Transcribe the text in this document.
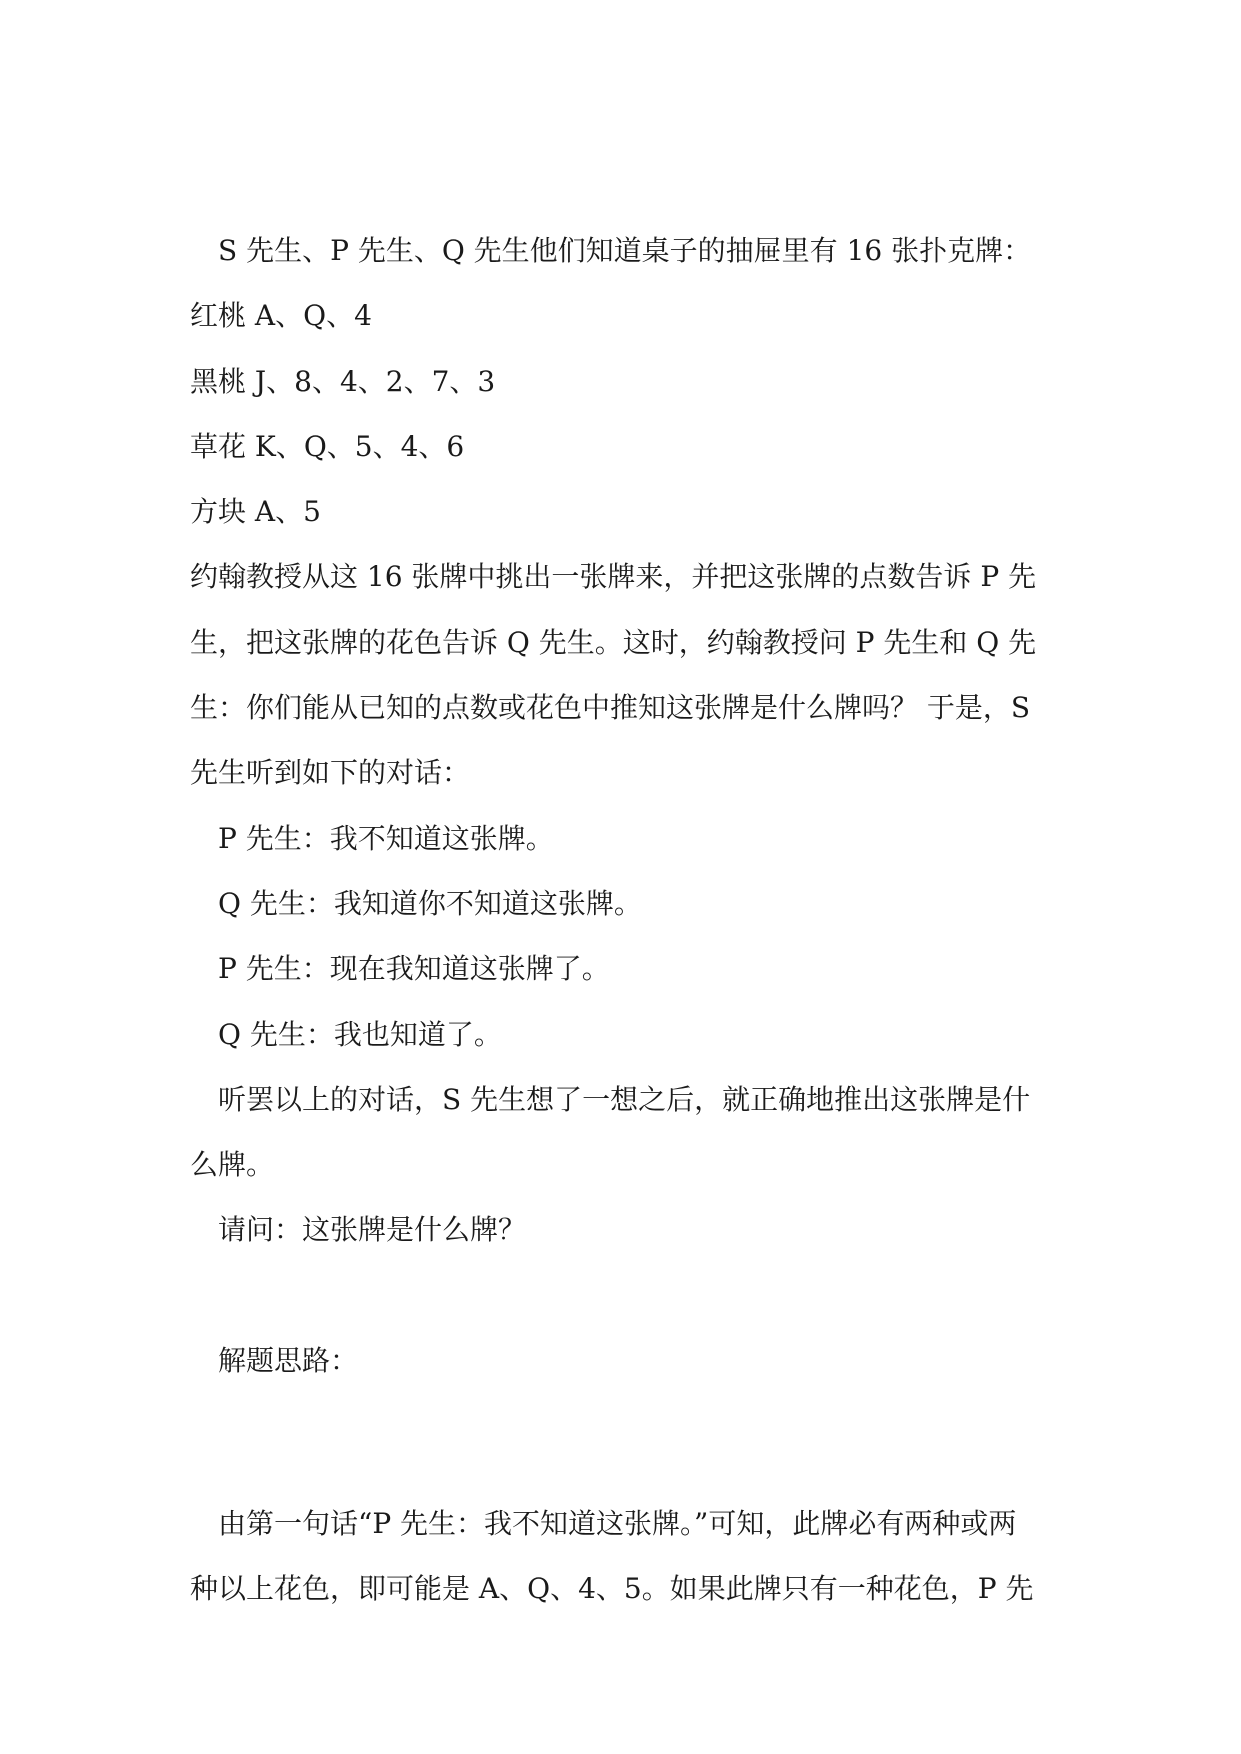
S 先生、P 先生、Q 先生他们知道桌子的抽屉里有 16 张扑克牌：

红桃 A、Q、4

黑桃 J、8、4、2、7、3

草花 K、Q、5、4、6

方块 A、5

约翰教授从这 16 张牌中挑出一张牌来，并把这张牌的点数告诉 P 先

生，把这张牌的花色告诉 Q 先生。这时，约翰教授问 P 先生和 Q 先

生：你们能从已知的点数或花色中推知这张牌是什么牌吗？ 于是，S

先生听到如下的对话：

P 先生：我不知道这张牌。

Q 先生：我知道你不知道这张牌。

P 先生：现在我知道这张牌了。

Q 先生：我也知道了。

听罢以上的对话，S 先生想了一想之后，就正确地推出这张牌是什

么牌。

请问：这张牌是什么牌？

解题思路：

由第一句话“P 先生：我不知道这张牌。”可知，此牌必有两种或两

种以上花色，即可能是 A、Q、4、5。如果此牌只有一种花色，P 先
